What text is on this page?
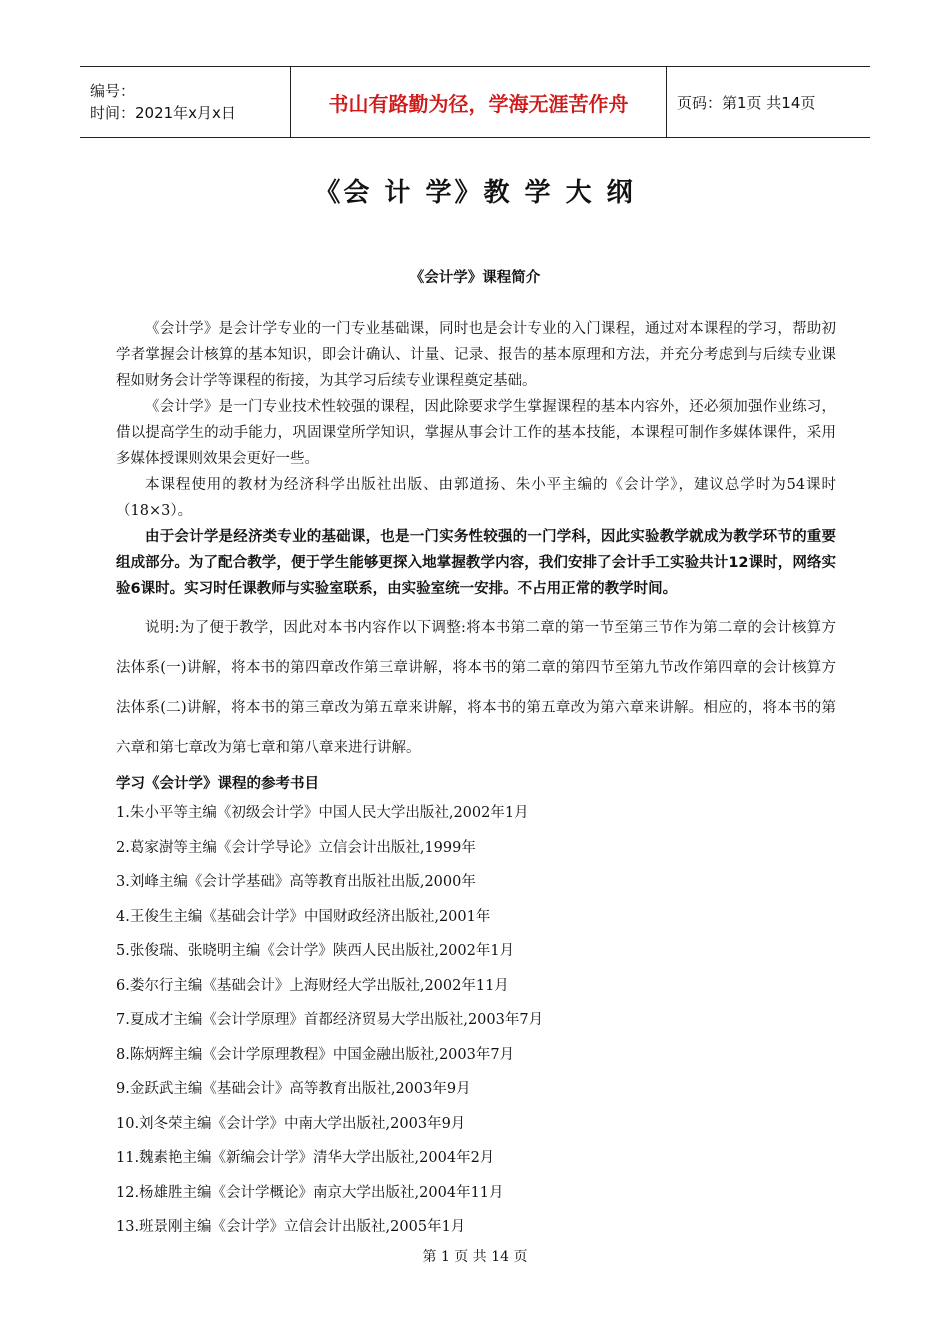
编号：
时间：2021年x月x日	书山有路勤为径，学海无涯苦作舟	页码：第1页 共14页
《会 计 学》教 学 大 纲
《会计学》课程简介

《会计学》是会计学专业的一门专业基础课，同时也是会计专业的入门课程，通过对本课程的学习，帮助初学者掌握会计核算的基本知识，即会计确认、计量、记录、报告的基本原理和方法，并充分考虑到与后续专业课程如财务会计学等课程的衔接，为其学习后续专业课程奠定基础。

《会计学》是一门专业技术性较强的课程，因此除要求学生掌握课程的基本内容外，还必须加强作业练习，借以提高学生的动手能力，巩固课堂所学知识，掌握从事会计工作的基本技能，本课程可制作多媒体课件，采用多媒体授课则效果会更好一些。

本课程使用的教材为经济科学出版社出版、由郭道扬、朱小平主编的《会计学》，建议总学时为54课时（18×3）。

由于会计学是经济类专业的基础课，也是一门实务性较强的一门学科，因此实验教学就成为教学环节的重要组成部分。为了配合教学，便于学生能够更探入地掌握教学内容，我们安排了会计手工实验共计12课时，网络实验6课时。实习时任课教师与实验室联系，由实验室统一安排。不占用正常的教学时间。

说明:为了便于教学，因此对本书内容作以下调整:将本书第二章的第一节至第三节作为第二章的会计核算方法体系(一)讲解，将本书的第四章改作第三章讲解，将本书的第二章的第四节至第九节改作第四章的会计核算方法体系(二)讲解，将本书的第三章改为第五章来讲解，将本书的第五章改为第六章来讲解。相应的，将本书的第六章和第七章改为第七章和第八章来进行讲解。

学习《会计学》课程的参考书目
1.朱小平等主编《初级会计学》中国人民大学出版社,2002年1月
2.葛家澍等主编《会计学导论》立信会计出版社,1999年
3.刘峰主编《会计学基础》高等教育出版社出版,2000年
4.王俊生主编《基础会计学》中国财政经济出版社,2001年
5.张俊瑞、张晓明主编《会计学》陕西人民出版社,2002年1月
6.娄尔行主编《基础会计》上海财经大学出版社,2002年11月
7.夏成才主编《会计学原理》首都经济贸易大学出版社,2003年7月
8.陈炳辉主编《会计学原理教程》中国金融出版社,2003年7月
9.金跃武主编《基础会计》高等教育出版社,2003年9月
10.刘冬荣主编《会计学》中南大学出版社,2003年9月
11.魏素艳主编《新编会计学》清华大学出版社,2004年2月
12.杨雄胜主编《会计学概论》南京大学出版社,2004年11月
13.班景刚主编《会计学》立信会计出版社,2005年1月
第 1 页 共 14 页
